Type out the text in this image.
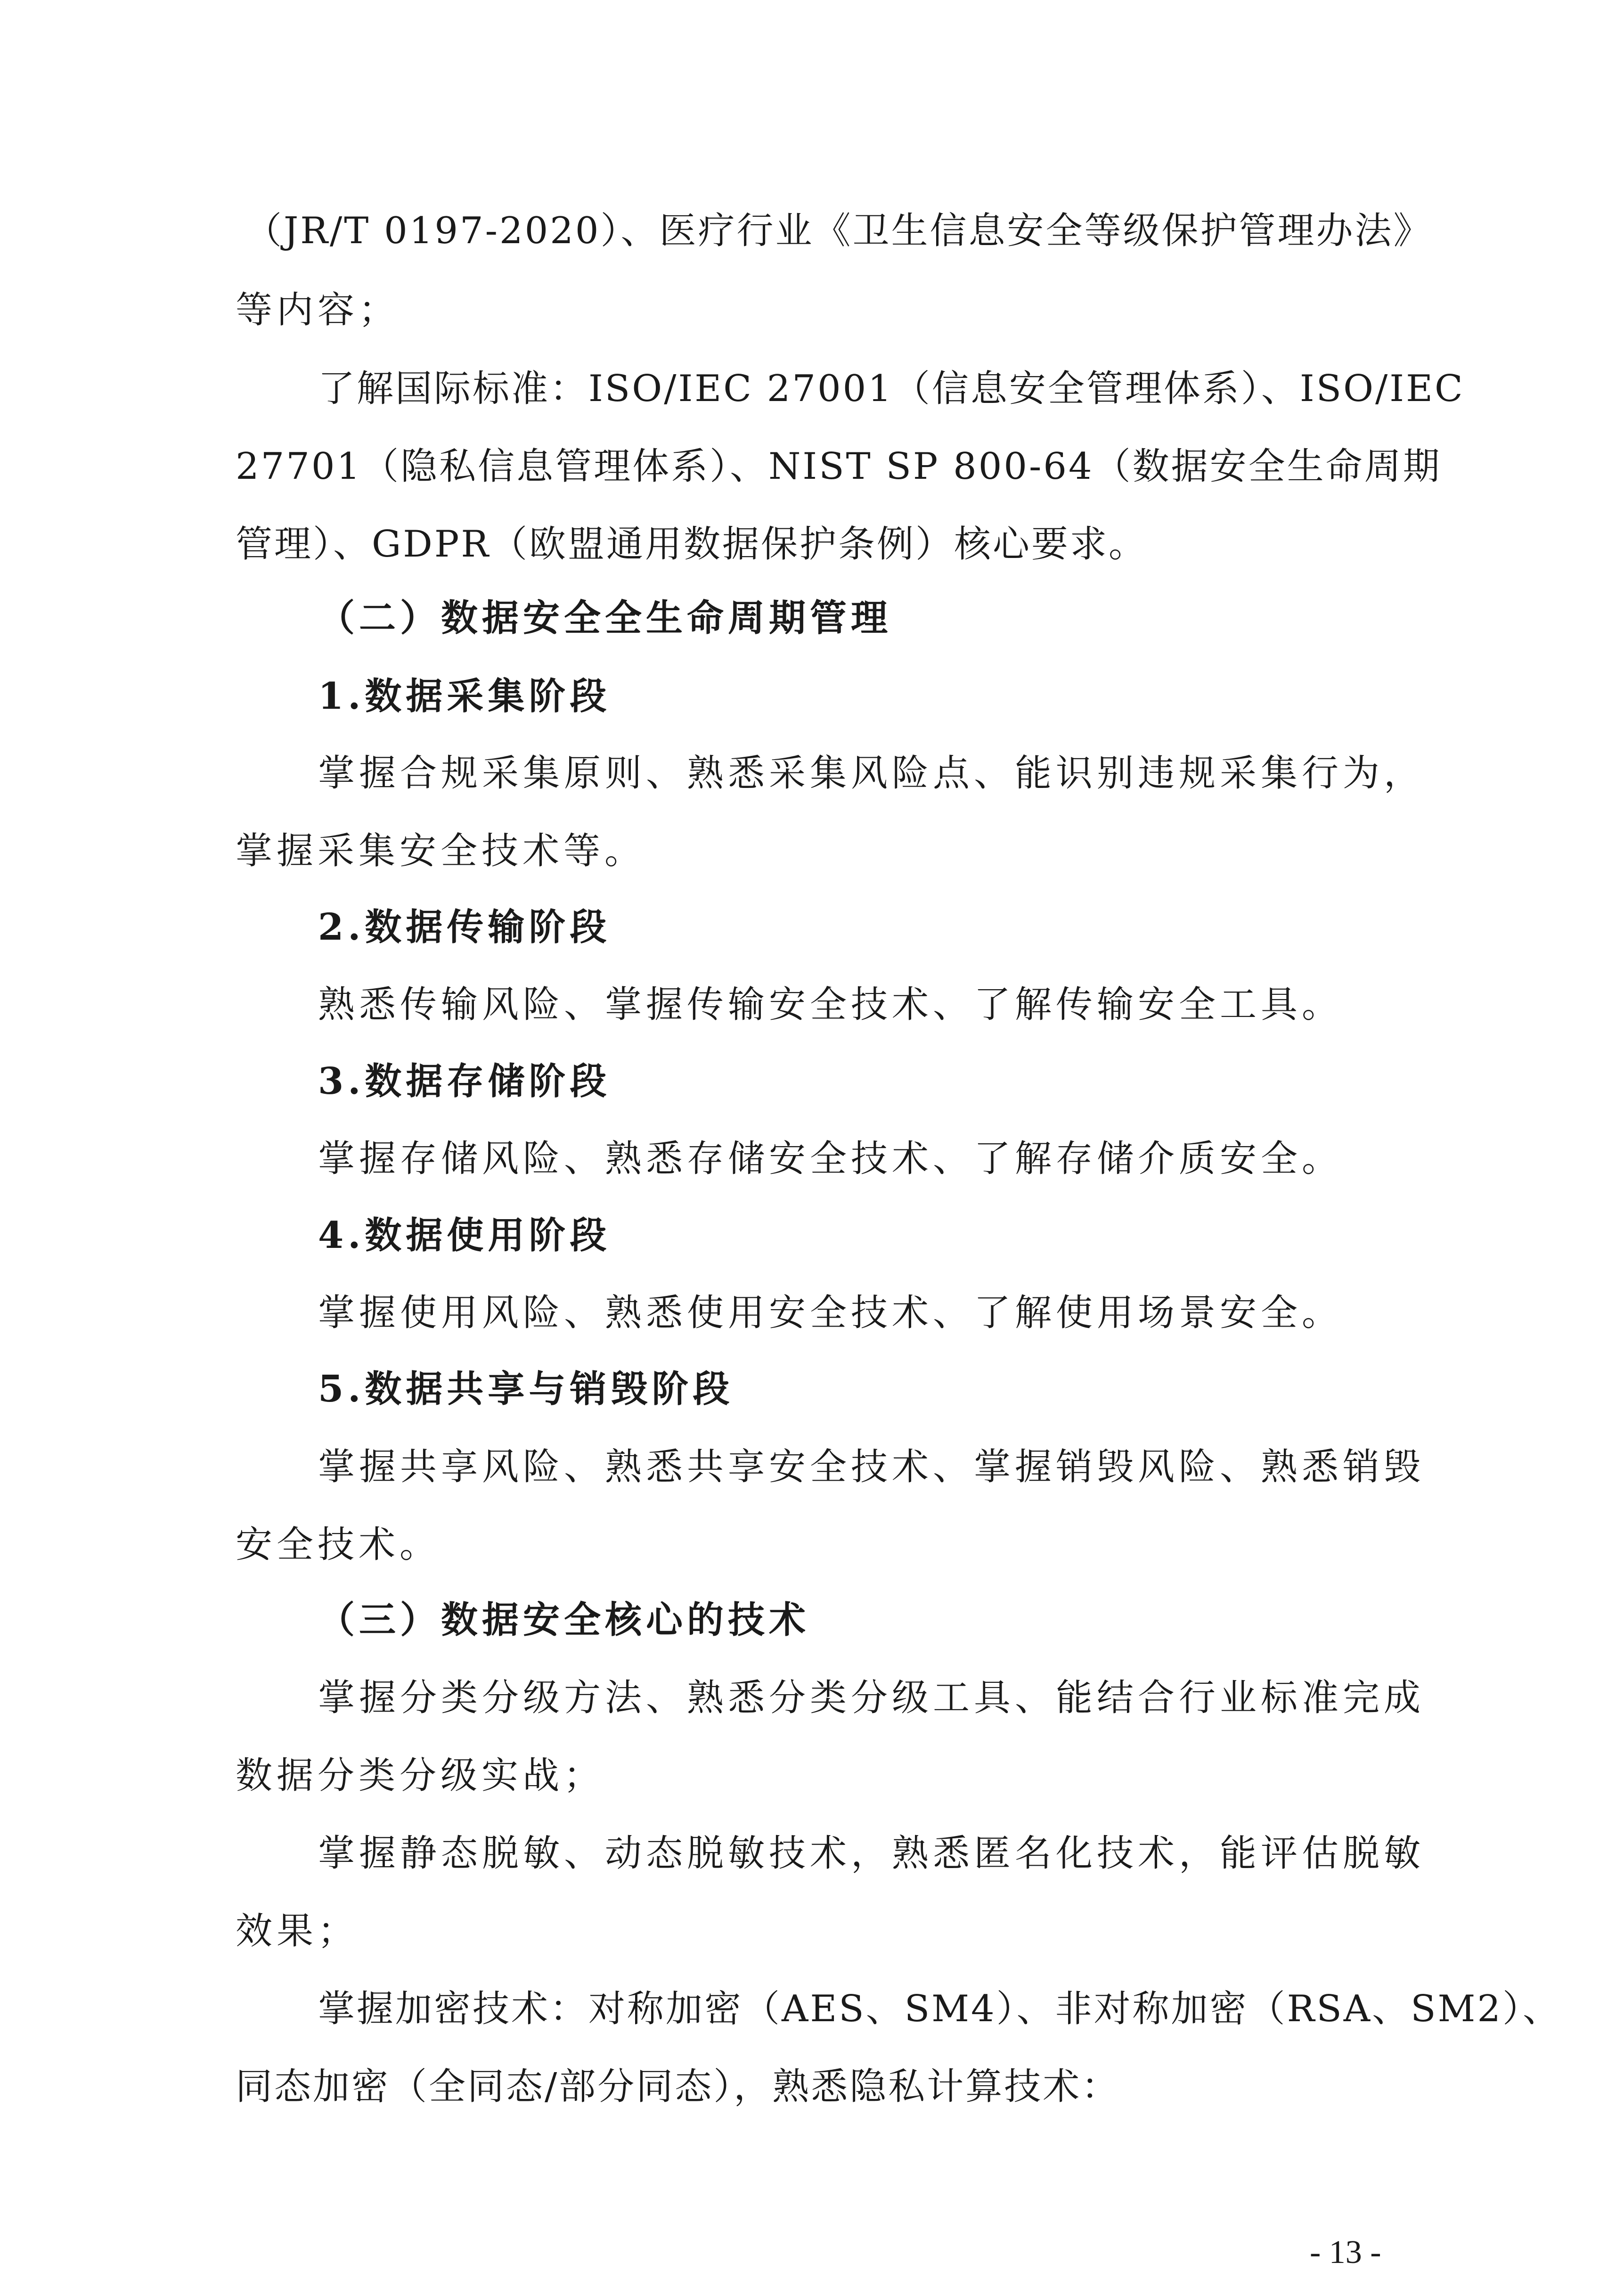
（JR/T 0197-2020）、医疗行业《卫生信息安全等级保护管理办法》
等内容；
了解国际标准：ISO/IEC 27001（信息安全管理体系）、ISO/IEC
27701（隐私信息管理体系）、NIST SP 800-64（数据安全生命周期
管理）、GDPR（欧盟通用数据保护条例）核心要求。
（二）数据安全全生命周期管理
1.数据采集阶段
掌握合规采集原则、熟悉采集风险点、能识别违规采集行为，
掌握采集安全技术等。
2.数据传输阶段
熟悉传输风险、掌握传输安全技术、了解传输安全工具。
3.数据存储阶段
掌握存储风险、熟悉存储安全技术、了解存储介质安全。
4.数据使用阶段
掌握使用风险、熟悉使用安全技术、了解使用场景安全。
5.数据共享与销毁阶段
掌握共享风险、熟悉共享安全技术、掌握销毁风险、熟悉销毁
安全技术。
（三）数据安全核心的技术
掌握分类分级方法、熟悉分类分级工具、能结合行业标准完成
数据分类分级实战；
掌握静态脱敏、动态脱敏技术，熟悉匿名化技术，能评估脱敏
效果；
掌握加密技术：对称加密（AES、SM4）、非对称加密（RSA、SM2）、
同态加密（全同态/部分同态），熟悉隐私计算技术：
- 13 -
